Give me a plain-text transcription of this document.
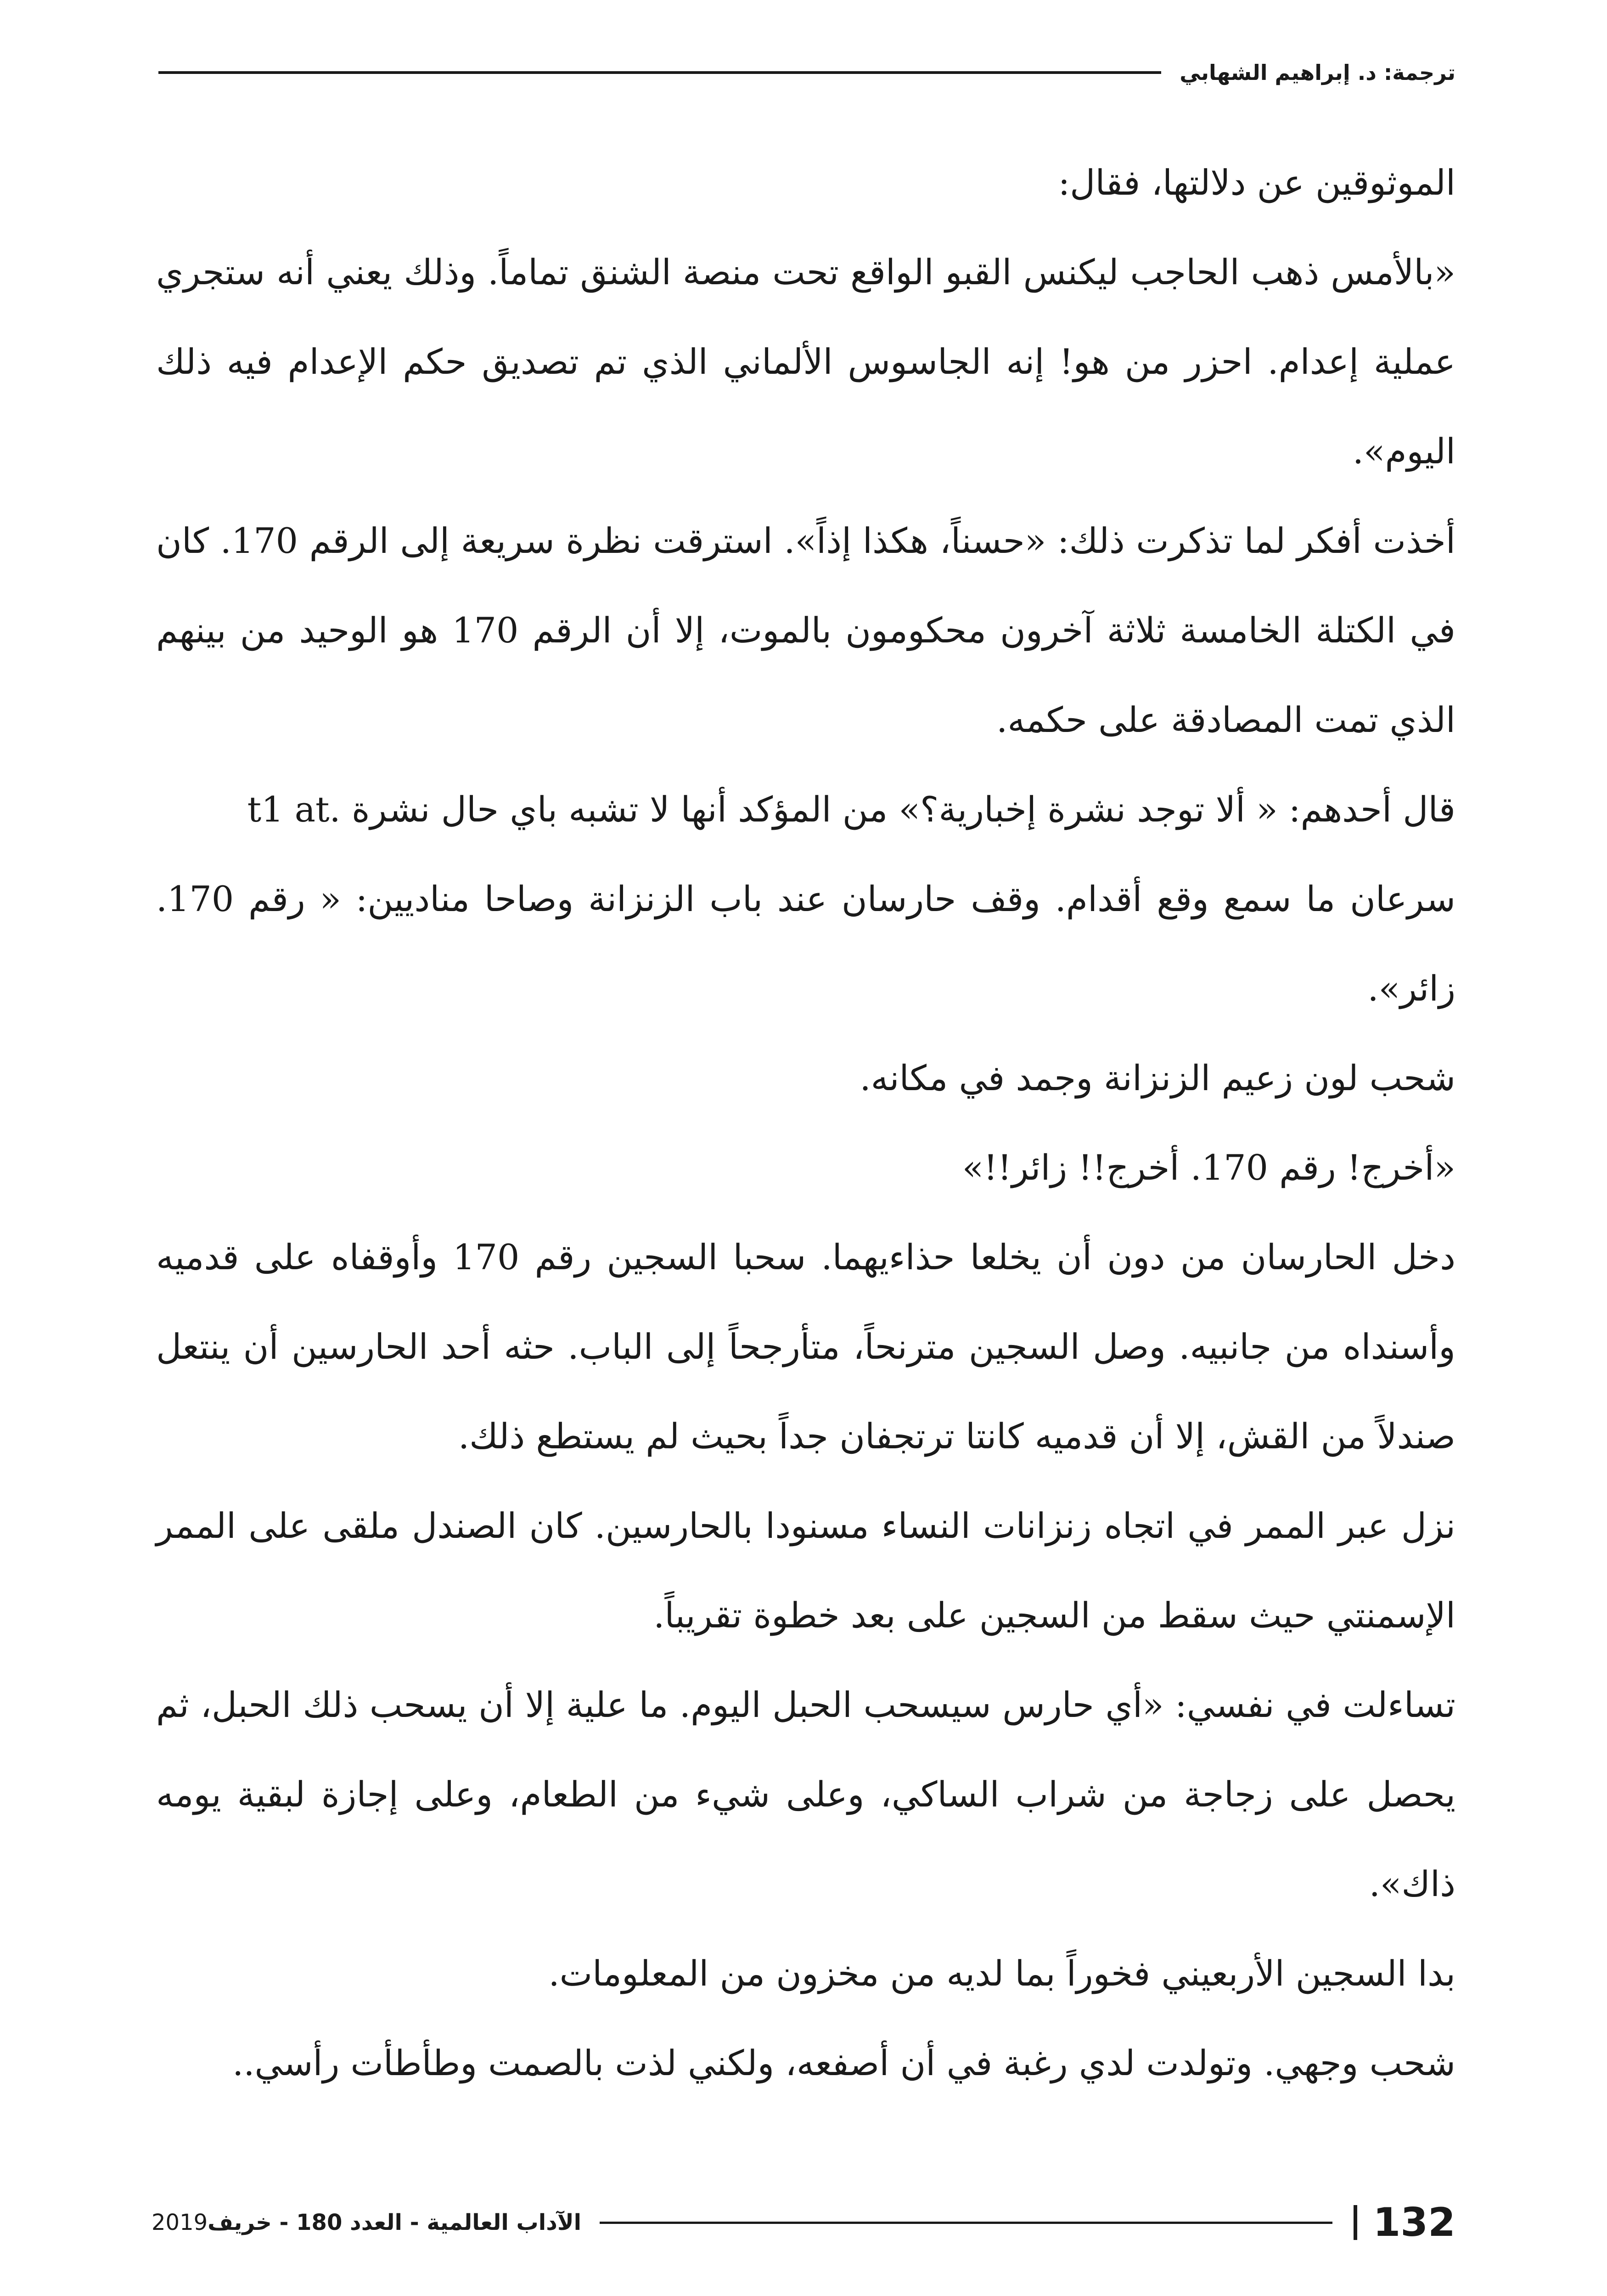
ترجمة: د. إبراهيم الشهابي

الموثوقين عن دلالتها، فقال:

«بالأمس ذهب الحاجب ليكنس القبو الواقع تحت منصة الشنق تماماً. وذلك يعني أنه ستجري عملية إعدام. احزر من هو! إنه الجاسوس الألماني الذي تم تصديق حكم الإعدام فيه ذلك اليوم».

أخذت أفكر لما تذكرت ذلك: «حسناً، هكذا إذاً». استرقت نظرة سريعة إلى الرقم 170. كان في الكتلة الخامسة ثلاثة آخرون محكومون بالموت، إلا أن الرقم 170 هو الوحيد من بينهم الذي تمت المصادقة على حكمه.

قال أحدهم: « ألا توجد نشرة إخبارية؟» من المؤكد أنها لا تشبه باي حال نشرة .t1 at

سرعان ما سمع وقع أقدام. وقف حارسان عند باب الزنزانة وصاحا مناديين: « رقم 170. زائر».

شحب لون زعيم الزنزانة وجمد في مكانه.

«أخرج! رقم 170. أخرج!! زائر!!»

دخل الحارسان من دون أن يخلعا حذاءيهما. سحبا السجين رقم 170 وأوقفاه على قدميه وأسنداه من جانبيه. وصل السجين مترنحاً، متأرجحاً إلى الباب. حثه أحد الحارسين أن ينتعل صندلاً من القش، إلا أن قدميه كانتا ترتجفان جداً بحيث لم يستطع ذلك.

نزل عبر الممر في اتجاه زنزانات النساء مسنودا بالحارسين. كان الصندل ملقى على الممر الإسمنتي حيث سقط من السجين على بعد خطوة تقريباً.

تساءلت في نفسي: «أي حارس سيسحب الحبل اليوم. ما علية إلا أن يسحب ذلك الحبل، ثم يحصل على زجاجة من شراب الساكي، وعلى شيء من الطعام، وعلى إجازة لبقية يومه ذاك».

بدا السجين الأربعيني فخوراً بما لديه من مخزون من المعلومات.

شحب وجهي. وتولدت لدي رغبة في أن أصفعه، ولكني لذت بالصمت وطأطأت رأسي..

132
الآداب العالمية - العدد 180 - خريف
2019
